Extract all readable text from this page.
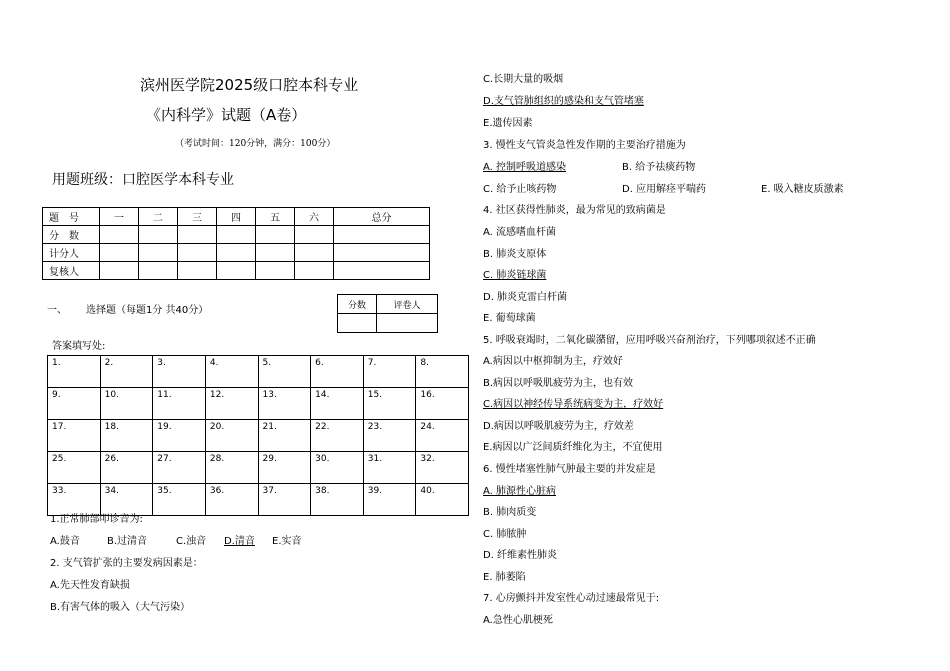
滨州医学院2025级口腔本科专业
《内科学》试题（A卷）
（考试时间：120分钟，满分：100分）
用题班级：口腔医学本科专业
题　号	一	二	三	四	五	六	总分
分　数							
计分人							
复核人							
一、 选择题（每题1分 共40分）	分数	评卷人

答案填写处:
1.	2.	3.	4.	5.	6.	7.	8.
9.	10.	11.	12.	13.	14.	15.	16.
17.	18.	19.	20.	21.	22.	23.	24.
25.	26.	27.	28.	29.	30.	31.	32.
33.	34.	35.	36.	37.	38.	39.	40.
1.正常肺部叩诊音为:
A.鼓音	B.过清音	C.浊音 D.清音 E.实音
2. 支气管扩张的主要发病因素是：
A.先天性发育缺损
B.有害气体的吸入（大气污染）
C.长期大量的吸烟
D.支气管肺组织的感染和支气管堵塞
E.遗传因素
3. 慢性支气管炎急性发作期的主要治疗措施为
A. 控制呼吸道感染	B. 给予祛痰药物
C. 给予止咳药物	D. 应用解痉平喘药	E. 吸入糖皮质激素
4. 社区获得性肺炎，最为常见的致病菌是
A. 流感嗜血杆菌
B. 肺炎支原体
C. 肺炎链球菌
D. 肺炎克雷白杆菌
E. 葡萄球菌
5. 呼吸衰竭时，二氧化碳潴留，应用呼吸兴奋剂治疗，下列哪项叙述不正确
A.病因以中枢抑制为主，疗效好
B.病因以呼吸肌疲劳为主，也有效
C.病因以神经传导系统病变为主，疗效好
D.病因以呼吸肌疲劳为主，疗效差
E.病因以广泛间质纤维化为主，不宜使用
6. 慢性堵塞性肺气肿最主要的并发症是
A. 肺源性心脏病
B. 肺肉质变
C. 肺脓肿
D. 纤维素性肺炎
E. 肺萎陷
7. 心房颤抖并发室性心动过速最常见于:
A.急性心肌梗死
